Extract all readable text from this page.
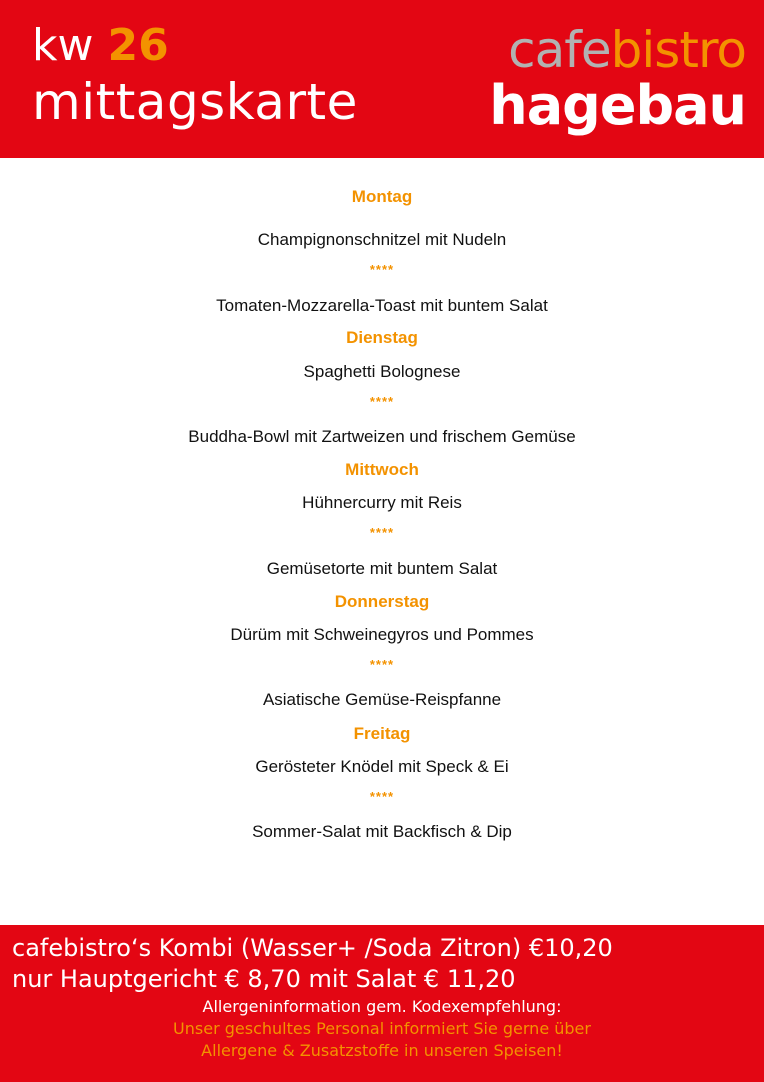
kw 26
mittagskarte
cafebistro
hagebau
Montag
Champignonschnitzel mit Nudeln
****
Tomaten-Mozzarella-Toast mit buntem Salat
Dienstag
Spaghetti Bolognese
****
Buddha-Bowl mit Zartweizen und frischem Gemüse
Mittwoch
Hühnercurry mit Reis
****
Gemüsetorte mit buntem Salat
Donnerstag
Dürüm mit Schweinegyros und Pommes
****
Asiatische Gemüse-Reispfanne
Freitag
Gerösteter Knödel mit Speck & Ei
****
Sommer-Salat mit Backfisch & Dip
cafebistro‘s Kombi (Wasser+ /Soda Zitron) €10,20
nur Hauptgericht € 8,70 mit Salat € 11,20
Allergeninformation gem. Kodexempfehlung:
Unser geschultes Personal informiert Sie gerne über
Allergene & Zusatzstoffe in unseren Speisen!
